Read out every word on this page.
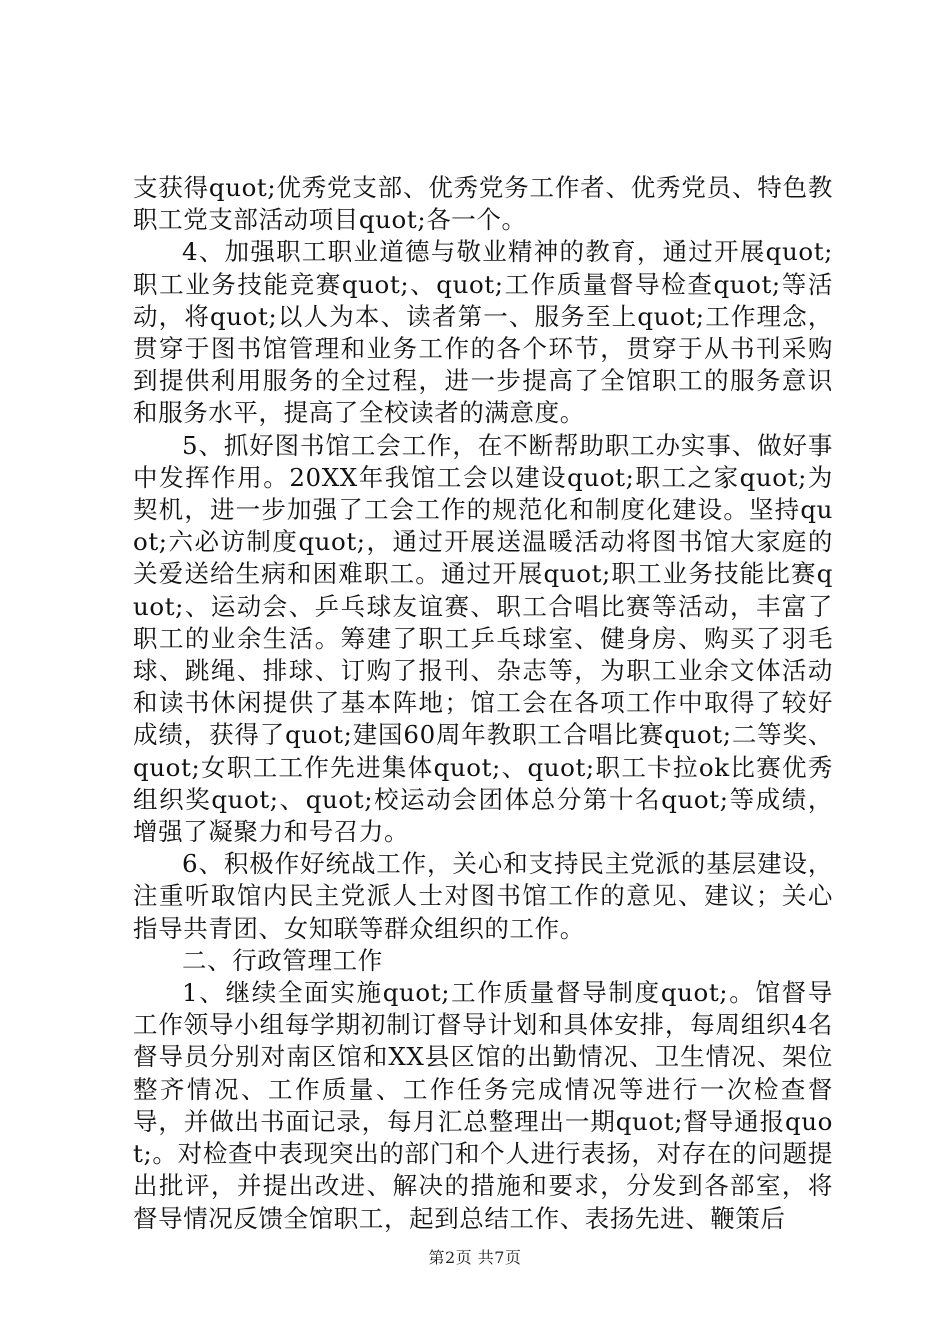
支获得quot;优秀党支部、优秀党务工作者、优秀党员、特色教职工党支部活动项目quot;各一个。

4、加强职工职业道德与敬业精神的教育，通过开展quot;职工业务技能竞赛quot;、quot;工作质量督导检查quot;等活动，将quot;以人为本、读者第一、服务至上quot;工作理念，贯穿于图书馆管理和业务工作的各个环节，贯穿于从书刊采购到提供利用服务的全过程，进一步提高了全馆职工的服务意识和服务水平，提高了全校读者的满意度。

5、抓好图书馆工会工作，在不断帮助职工办实事、做好事中发挥作用。20XX年我馆工会以建设quot;职工之家quot;为契机，进一步加强了工会工作的规范化和制度化建设。坚持quot;六必访制度quot;，通过开展送温暖活动将图书馆大家庭的关爱送给生病和困难职工。通过开展quot;职工业务技能比赛quot;、运动会、乒乓球友谊赛、职工合唱比赛等活动，丰富了职工的业余生活。筹建了职工乒乓球室、健身房、购买了羽毛球、跳绳、排球、订购了报刊、杂志等，为职工业余文体活动和读书休闲提供了基本阵地；馆工会在各项工作中取得了较好成绩，获得了quot;建国60周年教职工合唱比赛quot;二等奖、quot;女职工工作先进集体quot;、quot;职工卡拉ok比赛优秀组织奖quot;、quot;校运动会团体总分第十名quot;等成绩，增强了凝聚力和号召力。

6、积极作好统战工作，关心和支持民主党派的基层建设，注重听取馆内民主党派人士对图书馆工作的意见、建议；关心指导共青团、女知联等群众组织的工作。

二、行政管理工作

1、继续全面实施quot;工作质量督导制度quot;。馆督导工作领导小组每学期初制订督导计划和具体安排，每周组织4名督导员分别对南区馆和XX县区馆的出勤情况、卫生情况、架位整齐情况、工作质量、工作任务完成情况等进行一次检查督导，并做出书面记录，每月汇总整理出一期quot;督导通报quot;。对检查中表现突出的部门和个人进行表扬，对存在的问题提出批评，并提出改进、解决的措施和要求，分发到各部室，将督导情况反馈全馆职工，起到总结工作、表扬先进、鞭策后

第2页 共7页
